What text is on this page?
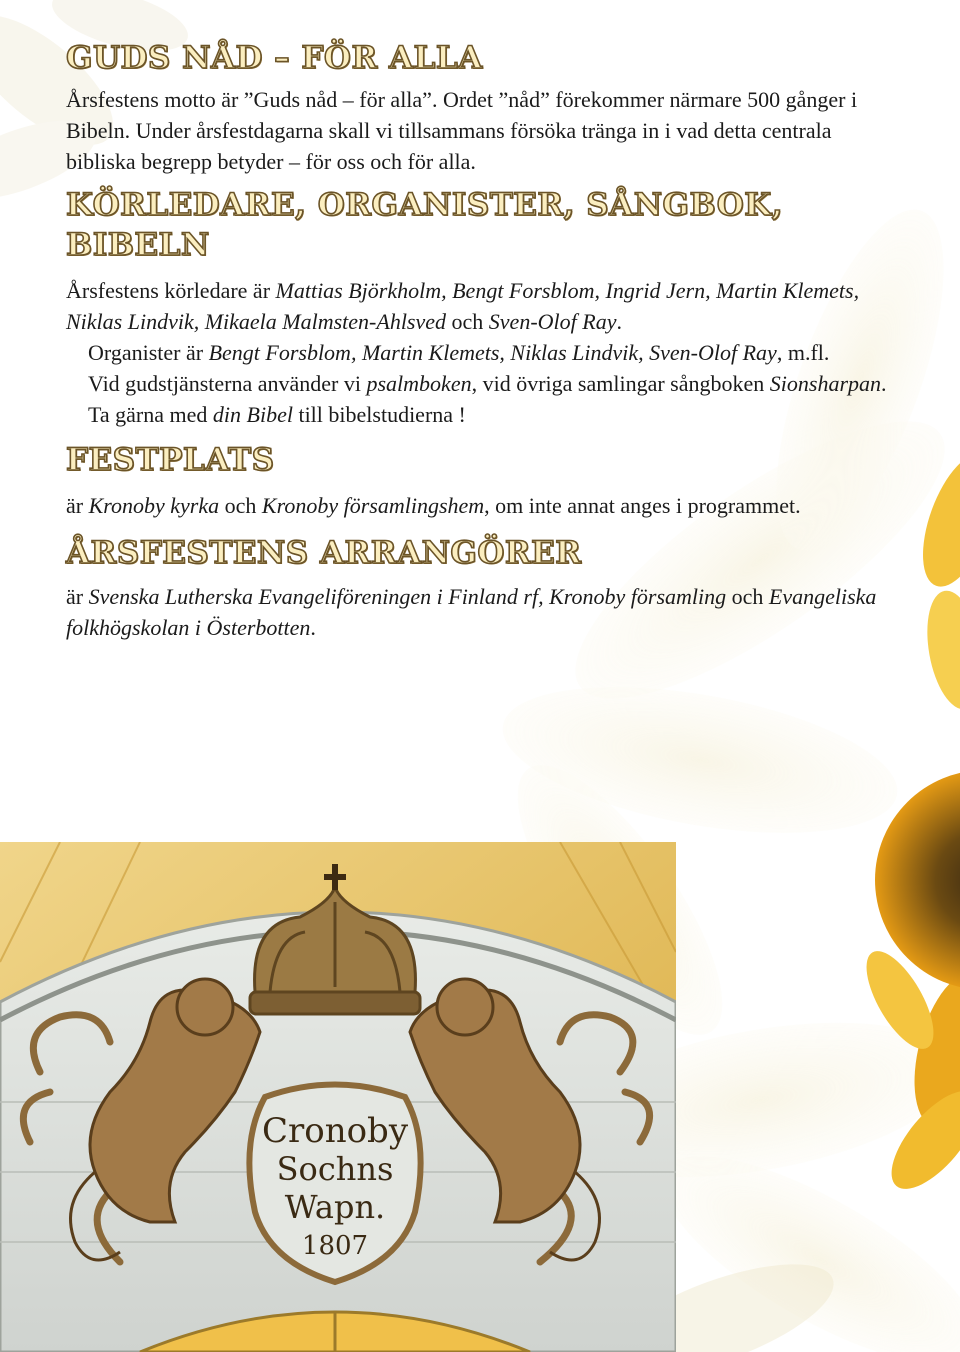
GUDS NÅD – FÖR ALLA

Årsfestens motto är ”Guds nåd – för alla”. Ordet ”nåd” förekommer närmare 500 gånger i Bibeln. Under årsfestdagarna skall vi tillsammans försöka tränga in i vad detta centrala bibliska begrepp betyder – för oss och för alla.

KÖRLEDARE, ORGANISTER, SÅNGBOK, BIBELN

Årsfestens körledare är Mattias Björkholm, Bengt Forsblom, Ingrid Jern, Martin Klemets, Niklas Lindvik, Mikaela Malmsten-Ahlsved och Sven-Olof Ray.

Organister är Bengt Forsblom, Martin Klemets, Niklas Lindvik, Sven-Olof Ray, m.fl.

Vid gudstjänsterna använder vi psalmboken, vid övriga samlingar sångboken Sionsharpan.

Ta gärna med din Bibel till bibelstudierna !

FESTPLATS

är Kronoby kyrka och Kronoby församlingshem, om inte annat anges i programmet.

ÅRSFESTENS ARRANGÖRER

är Svenska Lutherska Evangeliföreningen i Finland rf, Kronoby församling och Evangeliska folkhögskolan i Österbotten.

Cronoby
Sochns
Wapn.
1807
